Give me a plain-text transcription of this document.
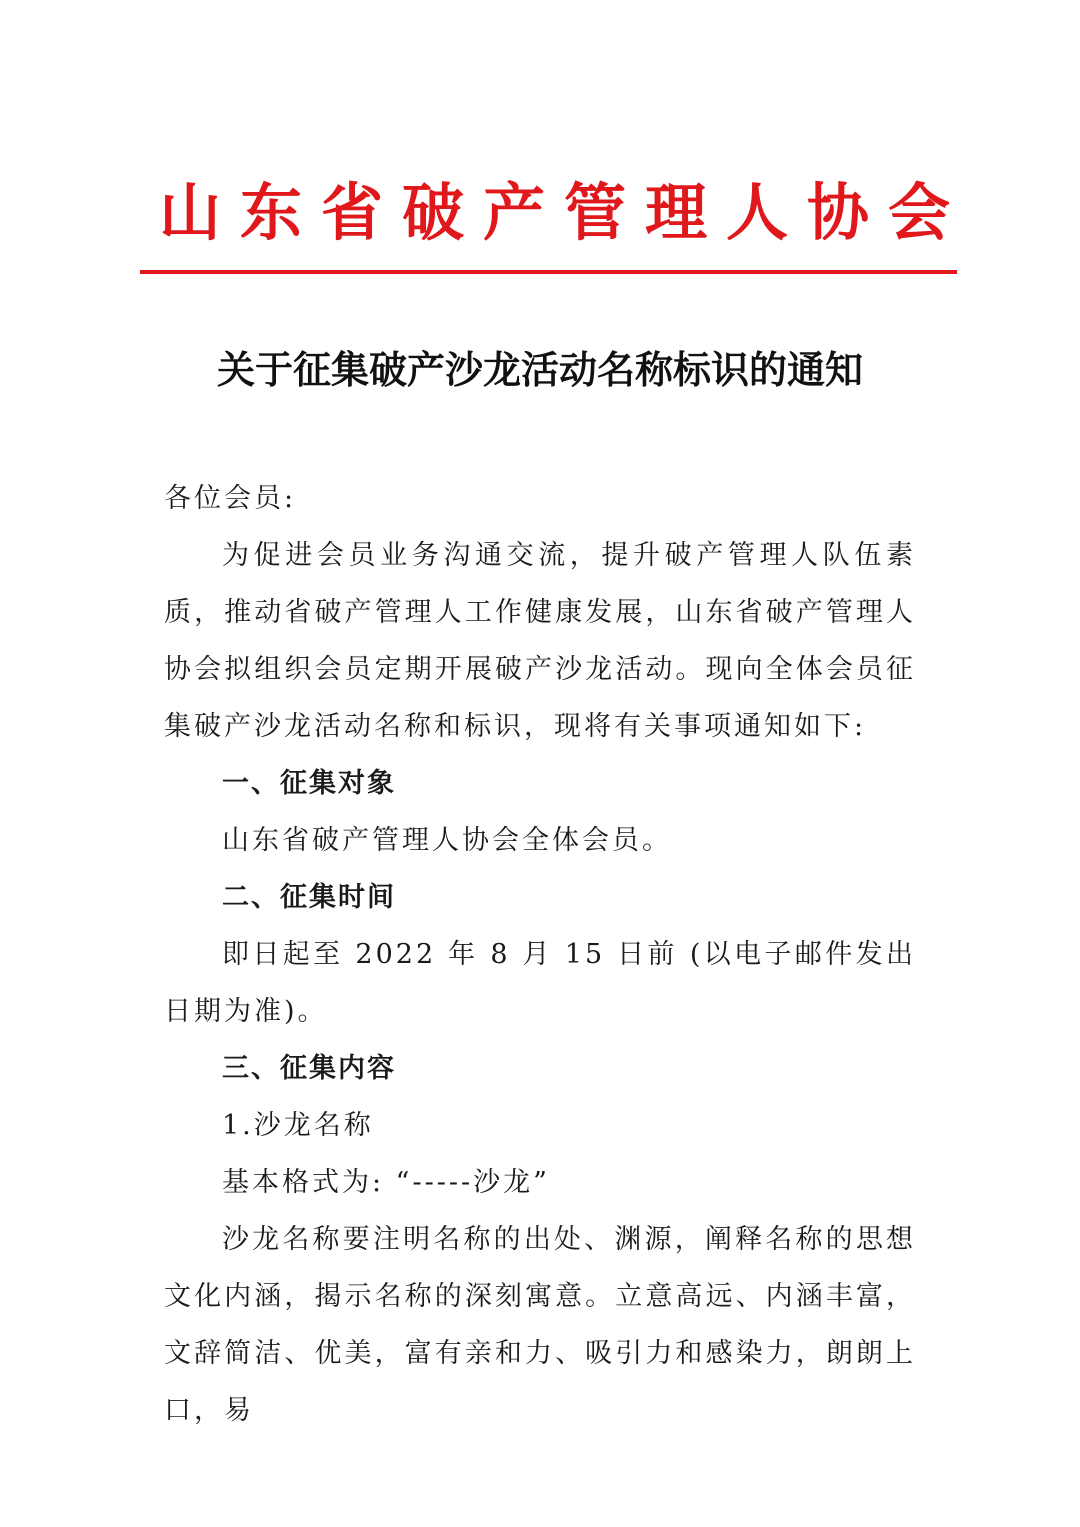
山东省破产管理人协会
关于征集破产沙龙活动名称标识的通知

各位会员:

为促进会员业务沟通交流，提升破产管理人队伍素质，推动省破产管理人工作健康发展，山东省破产管理人协会拟组织会员定期开展破产沙龙活动。现向全体会员征集破产沙龙活动名称和标识，现将有关事项通知如下:

一、征集对象

山东省破产管理人协会全体会员。

二、征集时间

即日起至 2022 年 8 月 15 日前 (以电子邮件发出日期为准)。

三、征集内容

1.沙龙名称

基本格式为: “-----沙龙”

沙龙名称要注明名称的出处、渊源，阐释名称的思想文化内涵，揭示名称的深刻寓意。立意高远、内涵丰富，文辞简洁、优美，富有亲和力、吸引力和感染力，朗朗上口，易
